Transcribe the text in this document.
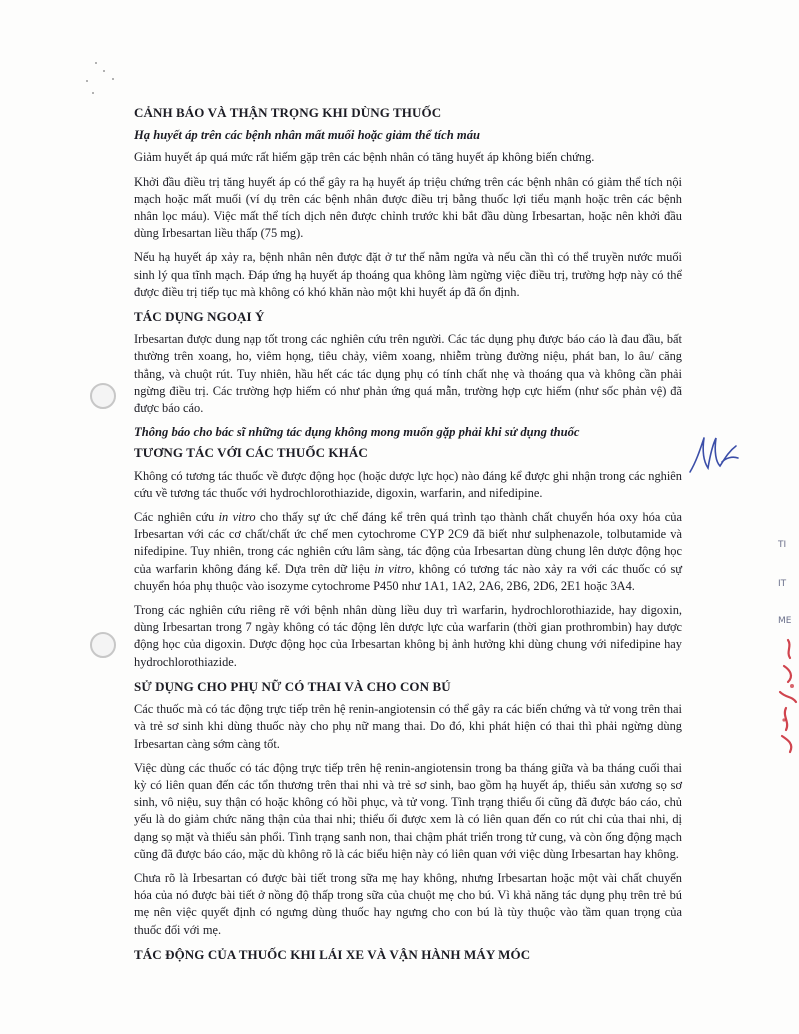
CẢNH BÁO VÀ THẬN TRỌNG KHI DÙNG THUỐC
Hạ huyết áp trên các bệnh nhân mất muối hoặc giảm thể tích máu

Giảm huyết áp quá mức rất hiếm gặp trên các bệnh nhân có tăng huyết áp không biến chứng.

Khởi đầu điều trị tăng huyết áp có thể gây ra hạ huyết áp triệu chứng trên các bệnh nhân có giảm thể tích nội mạch hoặc mất muối (ví dụ trên các bệnh nhân được điều trị bằng thuốc lợi tiểu mạnh hoặc trên các bệnh nhân lọc máu). Việc mất thể tích dịch nên được chỉnh trước khi bắt đầu dùng Irbesartan, hoặc nên khởi đầu dùng Irbesartan liều thấp (75 mg).

Nếu hạ huyết áp xảy ra, bệnh nhân nên được đặt ở tư thế nằm ngửa và nếu cần thì có thể truyền nước muối sinh lý qua tĩnh mạch. Đáp ứng hạ huyết áp thoáng qua không làm ngừng việc điều trị, trường hợp này có thể được điều trị tiếp tục mà không có khó khăn nào một khi huyết áp đã ổn định.

TÁC DỤNG NGOẠI Ý

Irbesartan được dung nạp tốt trong các nghiên cứu trên người. Các tác dụng phụ được báo cáo là đau đầu, bất thường trên xoang, ho, viêm họng, tiêu chảy, viêm xoang, nhiễm trùng đường niệu, phát ban, lo âu/ căng thẳng, và chuột rút. Tuy nhiên, hầu hết các tác dụng phụ có tính chất nhẹ và thoáng qua và không cần phải ngừng điều trị. Các trường hợp hiếm có như phản ứng quá mẫn, trường hợp cực hiếm (như sốc phản vệ) đã được báo cáo.

Thông báo cho bác sĩ những tác dụng không mong muốn gặp phải khi sử dụng thuốc
TƯƠNG TÁC VỚI CÁC THUỐC KHÁC

Không có tương tác thuốc về được động học (hoặc dược lực học) nào đáng kể được ghi nhận trong các nghiên cứu về tương tác thuốc với hydrochlorothiazide, digoxin, warfarin, and nifedipine.

Các nghiên cứu in vitro cho thấy sự ức chế đáng kể trên quá trình tạo thành chất chuyển hóa oxy hóa của Irbesartan với các cơ chất/chất ức chế men cytochrome CYP 2C9 đã biết như sulphenazole, tolbutamide và nifedipine. Tuy nhiên, trong các nghiên cứu lâm sàng, tác động của Irbesartan dùng chung lên dược động học của warfarin không đáng kể. Dựa trên dữ liệu in vitro, không có tương tác nào xảy ra với các thuốc có sự chuyển hóa phụ thuộc vào isozyme cytochrome P450 như 1A1, 1A2, 2A6, 2B6, 2D6, 2E1 hoặc 3A4.

Trong các nghiên cứu riêng rẽ với bệnh nhân dùng liều duy trì warfarin, hydrochlorothiazide, hay digoxin, dùng Irbesartan trong 7 ngày không có tác động lên dược lực của warfarin (thời gian prothrombin) hay dược động học của digoxin. Dược động học của Irbesartan không bị ảnh hưởng khi dùng chung với nifedipine hay hydrochlorothiazide.

SỬ DỤNG CHO PHỤ NỮ CÓ THAI VÀ CHO CON BÚ

Các thuốc mà có tác động trực tiếp trên hệ renin-angiotensin có thể gây ra các biến chứng và tử vong trên thai và trẻ sơ sinh khi dùng thuốc này cho phụ nữ mang thai. Do đó, khi phát hiện có thai thì phải ngừng dùng Irbesartan càng sớm càng tốt.

Việc dùng các thuốc có tác động trực tiếp trên hệ renin-angiotensin trong ba tháng giữa và ba tháng cuối thai kỳ có liên quan đến các tổn thương trên thai nhi và trẻ sơ sinh, bao gồm hạ huyết áp, thiểu sản xương sọ sơ sinh, vô niệu, suy thận có hoặc không có hồi phục, và tử vong. Tình trạng thiểu ối cũng đã được báo cáo, chủ yếu là do giảm chức năng thận của thai nhi; thiểu ối được xem là có liên quan đến co rút chi của thai nhi, dị dạng sọ mặt và thiểu sản phổi. Tình trạng sanh non, thai chậm phát triển trong tử cung, và còn ống động mạch cũng đã được báo cáo, mặc dù không rõ là các biểu hiện này có liên quan với việc dùng Irbesartan hay không.

Chưa rõ là Irbesartan có được bài tiết trong sữa mẹ hay không, nhưng Irbesartan hoặc một vài chất chuyển hóa của nó được bài tiết ở nồng độ thấp trong sữa của chuột mẹ cho bú. Vì khả năng tác dụng phụ trên trẻ bú mẹ nên việc quyết định có ngưng dùng thuốc hay ngưng cho con bú là tùy thuộc vào tầm quan trọng của thuốc đối với mẹ.

TÁC ĐỘNG CỦA THUỐC KHI LÁI XE VÀ VẬN HÀNH MÁY MÓC
TI
IT
ME
